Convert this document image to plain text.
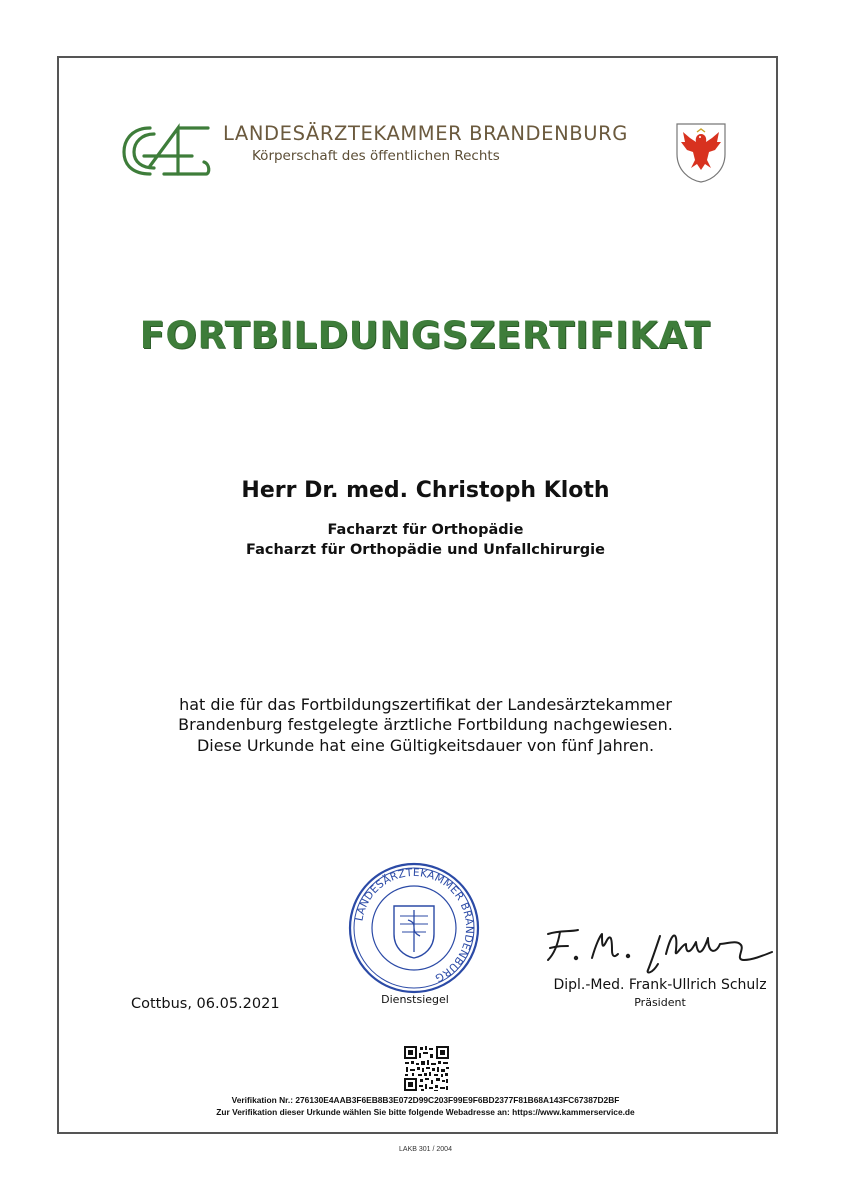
LANDESÄRZTEKAMMER BRANDENBURG
Körperschaft des öffentlichen Rechts
FORTBILDUNGSZERTIFIKAT
Herr Dr. med. Christoph Kloth
Facharzt für Orthopädie
Facharzt für Orthopädie und Unfallchirurgie
hat die für das Fortbildungszertifikat der Landesärztekammer
Brandenburg festgelegte ärztliche Fortbildung nachgewiesen.
Diese Urkunde hat eine Gültigkeitsdauer von fünf Jahren.
LANDESÄRZTEKAMMER BRANDENBURG
Dienstsiegel
Dipl.-Med. Frank-Ullrich Schulz
Präsident
Cottbus, 06.05.2021
Verifikation Nr.: 276130E4AAB3F6EB8B3E072D99C203F99E9F6BD2377F81B68A143FC67387D2BF
Zur Verifikation dieser Urkunde wählen Sie bitte folgende Webadresse an: https://www.kammerservice.de
LAKB 301 / 2004
